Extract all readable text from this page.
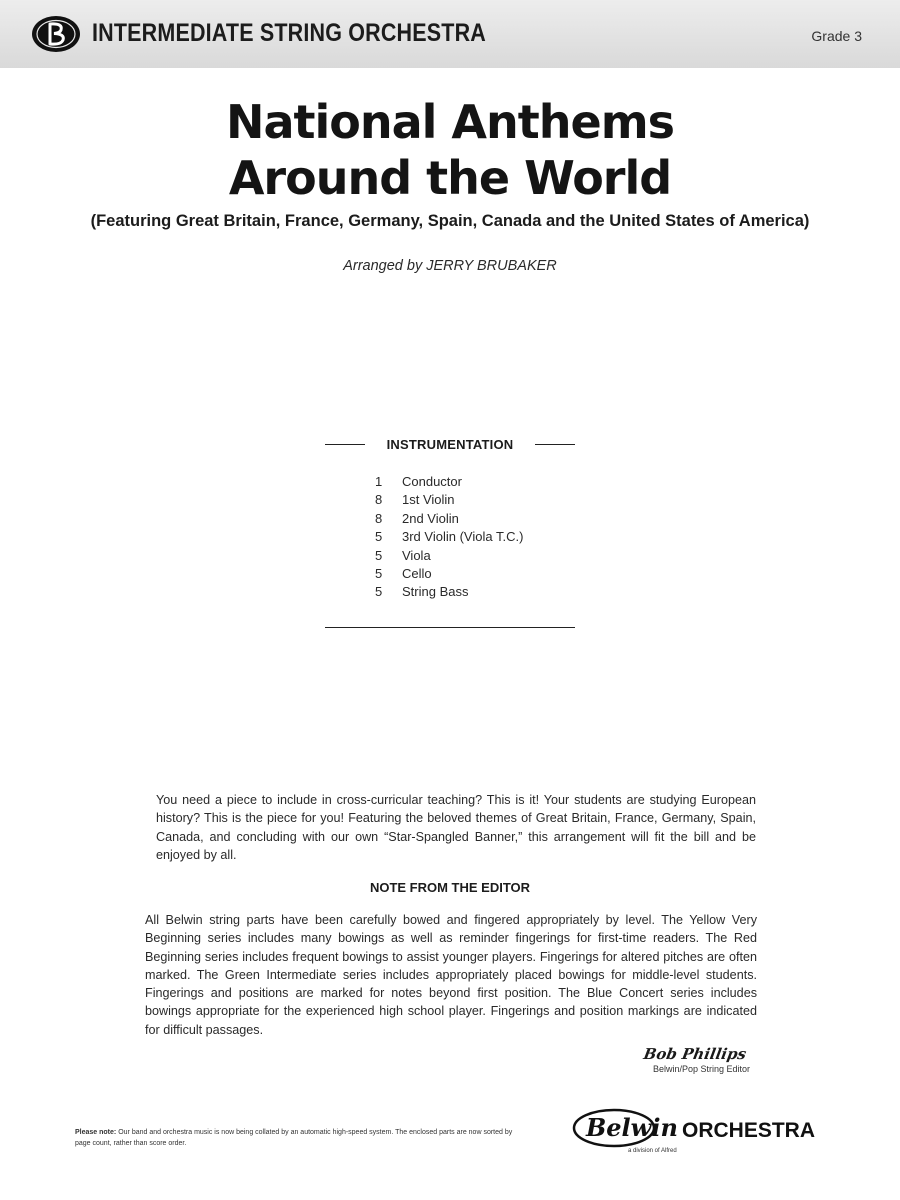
INTERMEDIATE STRING ORCHESTRA	Grade 3
National Anthems
Around the World
(Featuring Great Britain, France, Germany, Spain, Canada and the United States of America)
Arranged by JERRY BRUBAKER
INSTRUMENTATION
1	Conductor
8	1st Violin
8	2nd Violin
5	3rd Violin (Viola T.C.)
5	Viola
5	Cello
5	String Bass

You need a piece to include in cross-curricular teaching? This is it! Your students are studying European history? This is the piece for you! Featuring the beloved themes of Great Britain, France, Germany, Spain, Canada, and concluding with our own “Star-Spangled Banner,” this arrangement will fit the bill and be enjoyed by all.

NOTE FROM THE EDITOR

All Belwin string parts have been carefully bowed and fingered appropriately by level. The Yellow Very Beginning series includes many bowings as well as reminder fingerings for first-time readers. The Red Beginning series includes frequent bowings to assist younger players. Fingerings for altered pitches are often marked. The Green Intermediate series includes appropriately placed bowings for middle-level students. Fingerings and positions are marked for notes beyond first position. The Blue Concert series includes bowings appropriate for the experienced high school player. Fingerings and position markings are indicated for difficult passages.

Bob Phillips
Belwin/Pop String Editor
Please note: Our band and orchestra music is now being collated by an automatic high-speed system. The enclosed parts are now sorted by page count, rather than score order.
Belwin ORCHESTRA
a division of Alfred
